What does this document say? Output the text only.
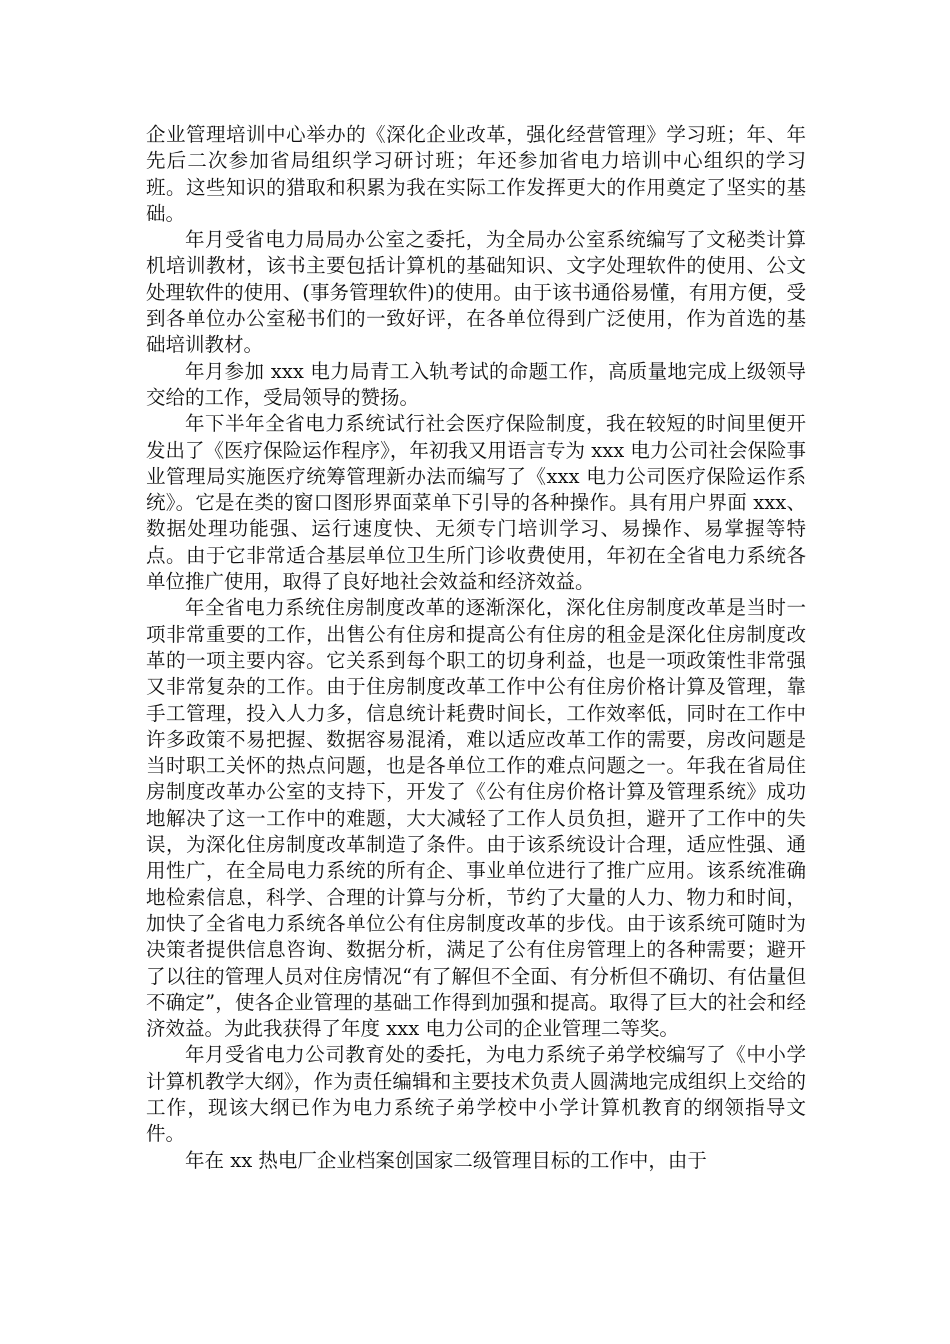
企业管理培训中心举办的《深化企业改革，强化经营管理》学习班；年、年先后二次参加省局组织学习研讨班；年还参加省电力培训中心组织的学习班。这些知识的猎取和积累为我在实际工作发挥更大的作用奠定了坚实的基础。

年月受省电力局局办公室之委托，为全局办公室系统编写了文秘类计算机培训教材，该书主要包括计算机的基础知识、文字处理软件的使用、公文处理软件的使用、(事务管理软件)的使用。由于该书通俗易懂，有用方便，受到各单位办公室秘书们的一致好评，在各单位得到广泛使用，作为首选的基础培训教材。

年月参加 xxx 电力局青工入轨考试的命题工作，高质量地完成上级领导交给的工作，受局领导的赞扬。

年下半年全省电力系统试行社会医疗保险制度，我在较短的时间里便开发出了《医疗保险运作程序》，年初我又用语言专为 xxx 电力公司社会保险事业管理局实施医疗统筹管理新办法而编写了《xxx 电力公司医疗保险运作系统》。它是在类的窗口图形界面菜单下引导的各种操作。具有用户界面 xxx、数据处理功能强、运行速度快、无须专门培训学习、易操作、易掌握等特点。由于它非常适合基层单位卫生所门诊收费使用，年初在全省电力系统各单位推广使用，取得了良好地社会效益和经济效益。

年全省电力系统住房制度改革的逐渐深化，深化住房制度改革是当时一项非常重要的工作，出售公有住房和提高公有住房的租金是深化住房制度改革的一项主要内容。它关系到每个职工的切身利益，也是一项政策性非常强又非常复杂的工作。由于住房制度改革工作中公有住房价格计算及管理，靠手工管理，投入人力多，信息统计耗费时间长，工作效率低，同时在工作中许多政策不易把握、数据容易混淆，难以适应改革工作的需要，房改问题是当时职工关怀的热点问题，也是各单位工作的难点问题之一。年我在省局住房制度改革办公室的支持下，开发了《公有住房价格计算及管理系统》成功地解决了这一工作中的难题，大大减轻了工作人员负担，避开了工作中的失误，为深化住房制度改革制造了条件。由于该系统设计合理，适应性强、通用性广，在全局电力系统的所有企、事业单位进行了推广应用。该系统准确地检索信息，科学、合理的计算与分析，节约了大量的人力、物力和时间，加快了全省电力系统各单位公有住房制度改革的步伐。由于该系统可随时为决策者提供信息咨询、数据分析，满足了公有住房管理上的各种需要；避开了以往的管理人员对住房情况“有了解但不全面、有分析但不确切、有估量但不确定”，使各企业管理的基础工作得到加强和提高。取得了巨大的社会和经济效益。为此我获得了年度 xxx 电力公司的企业管理二等奖。

年月受省电力公司教育处的委托，为电力系统子弟学校编写了《中小学计算机教学大纲》，作为责任编辑和主要技术负责人圆满地完成组织上交给的工作，现该大纲已作为电力系统子弟学校中小学计算机教育的纲领指导文件。

年在 xx 热电厂企业档案创国家二级管理目标的工作中，由于
